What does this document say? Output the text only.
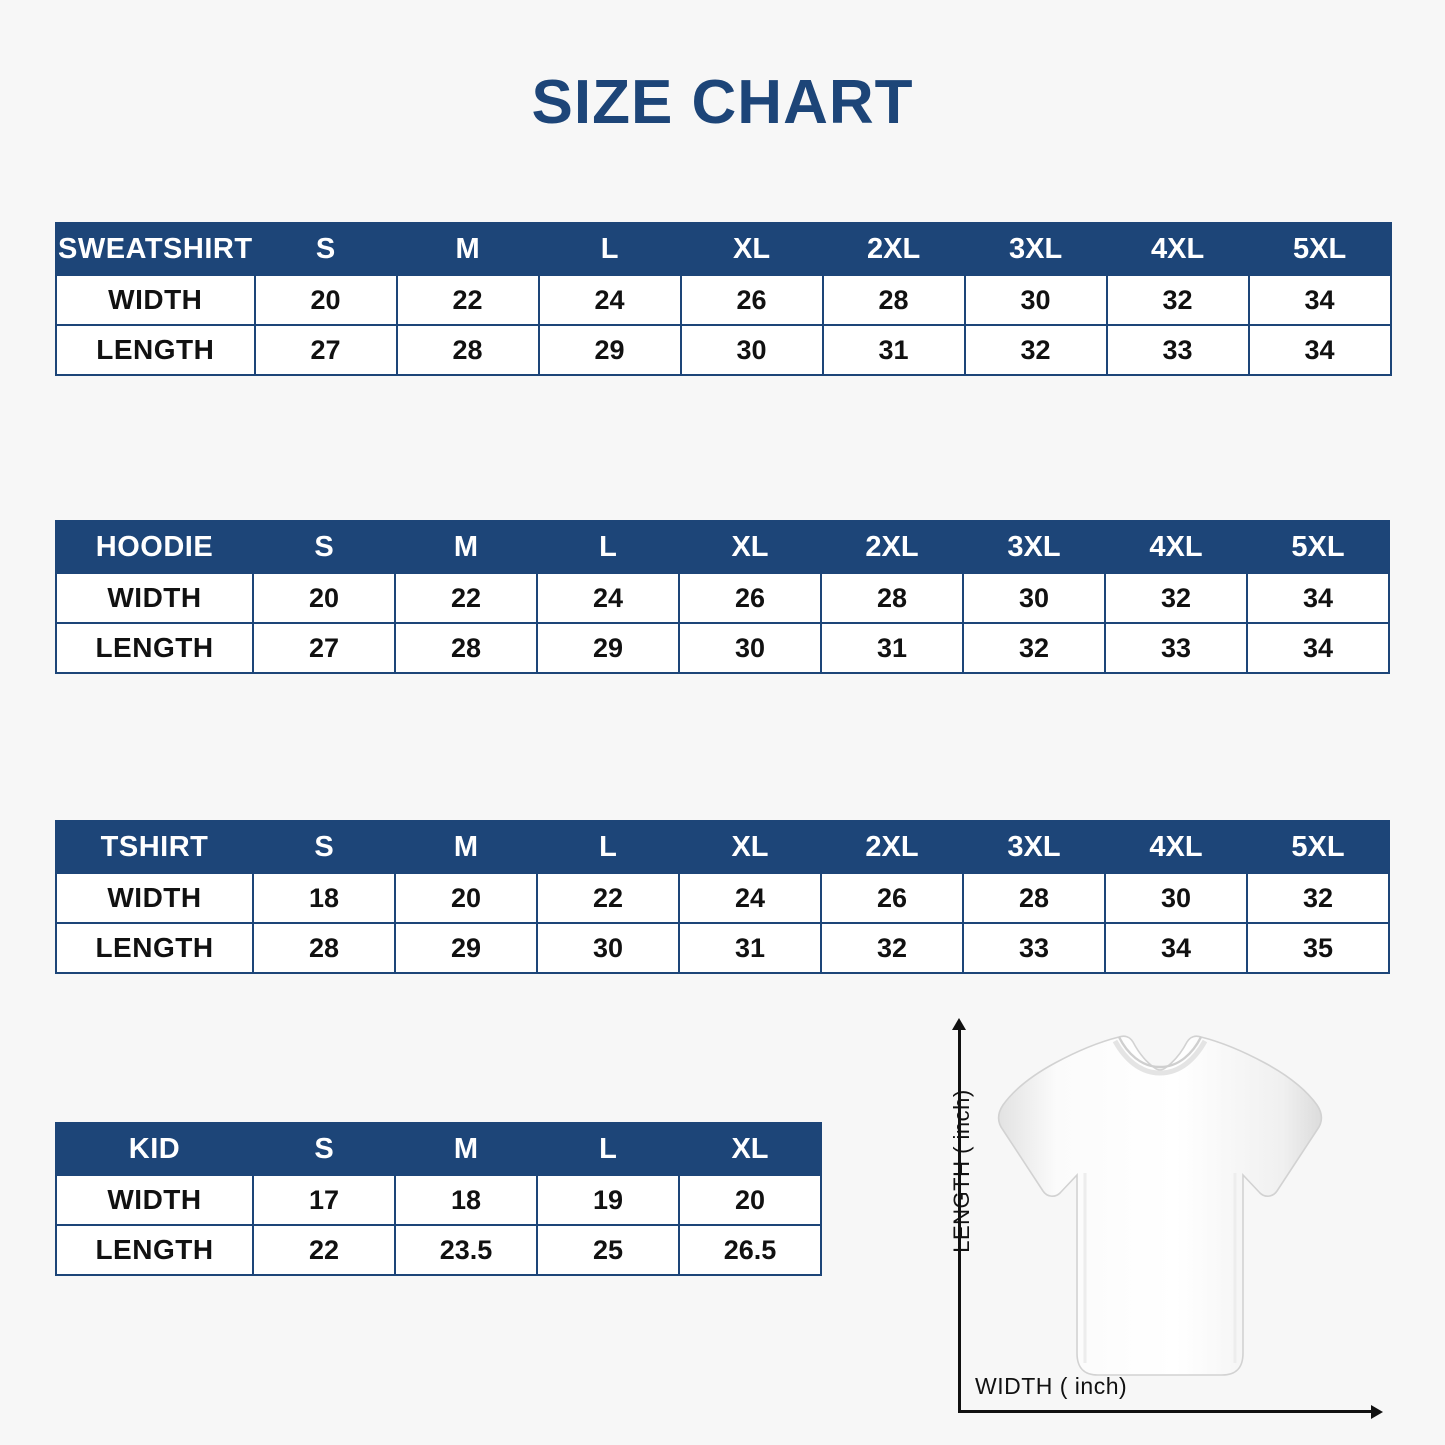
SIZE CHART
SWEATSHIRT	S	M	L	XL	2XL	3XL	4XL	5XL
WIDTH	20	22	24	26	28	30	32	34
LENGTH	27	28	29	30	31	32	33	34
HOODIE	S	M	L	XL	2XL	3XL	4XL	5XL
WIDTH	20	22	24	26	28	30	32	34
LENGTH	27	28	29	30	31	32	33	34
TSHIRT	S	M	L	XL	2XL	3XL	4XL	5XL
WIDTH	18	20	22	24	26	28	30	32
LENGTH	28	29	30	31	32	33	34	35
KID	S	M	L	XL
WIDTH	17	18	19	20
LENGTH	22	23.5	25	26.5	LENGTH ( inch)
WIDTH ( inch)
